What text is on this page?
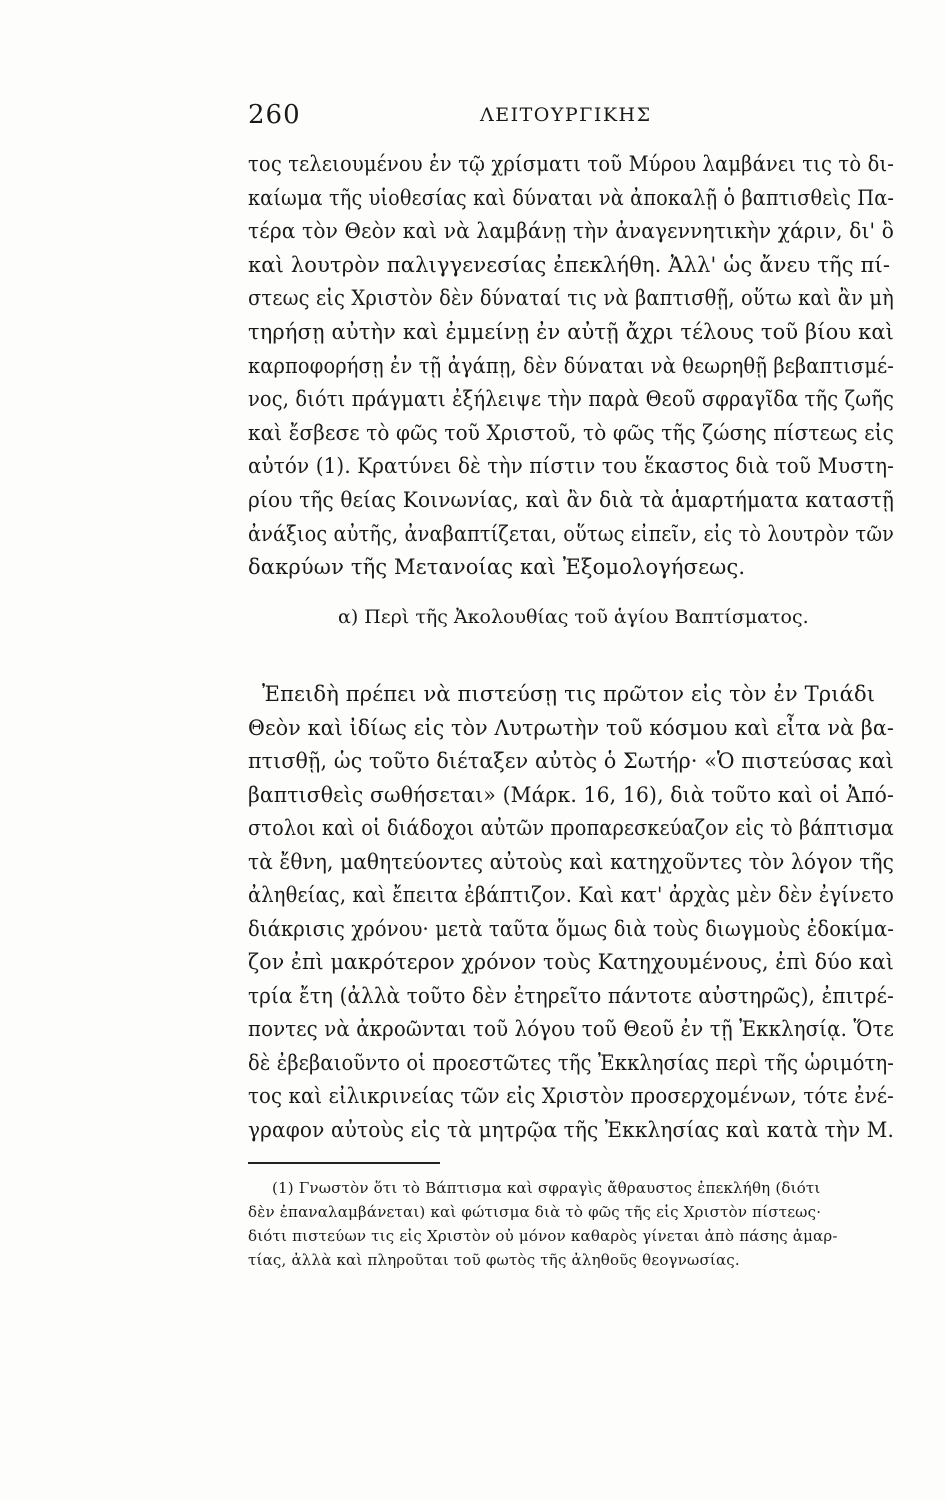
260	ΛΕΙΤΟΥΡΓΙΚΗΣ
τος τελειουμένου ἐν τῷ χρίσματι τοῦ Μύρου λαμβάνει τις τὸ δι-
καίωμα τῆς υἱοθεσίας καὶ δύναται νὰ ἀποκαλῇ ὁ βαπτισθεὶς Πα-
τέρα τὸν Θεὸν καὶ νὰ λαμβάνῃ τὴν ἀναγεννητικὴν χάριν, δι' ὃ
καὶ λουτρὸν παλιγγενεσίας ἐπεκλήθη. Ἀλλ' ὡς ἄνευ τῆς πί-
στεως εἰς Χριστὸν δὲν δύναταί τις νὰ βαπτισθῇ, οὕτω καὶ ἂν μὴ
τηρήσῃ αὐτὴν καὶ ἐμμείνῃ ἐν αὐτῇ ἄχρι τέλους τοῦ βίου καὶ
καρποφορήσῃ ἐν τῇ ἀγάπῃ, δὲν δύναται νὰ θεωρηθῇ βεβαπτισμέ-
νος, διότι πράγματι ἐξήλειψε τὴν παρὰ Θεοῦ σφραγῖδα τῆς ζωῆς
καὶ ἔσβεσε τὸ φῶς τοῦ Χριστοῦ, τὸ φῶς τῆς ζώσης πίστεως εἰς
αὐτόν (1). Κρατύνει δὲ τὴν πίστιν του ἕκαστος διὰ τοῦ Μυστη-
ρίου τῆς θείας Κοινωνίας, καὶ ἂν διὰ τὰ ἁμαρτήματα καταστῇ
ἀνάξιος αὐτῆς, ἀναβαπτίζεται, οὕτως εἰπεῖν, εἰς τὸ λουτρὸν τῶν
δακρύων τῆς Μετανοίας καὶ Ἐξομολογήσεως.
α) Περὶ τῆς Ἀκολουθίας τοῦ ἁγίου Βαπτίσματος.
Ἐπειδὴ πρέπει νὰ πιστεύσῃ τις πρῶτον εἰς τὸν ἐν Τριάδι
Θεὸν καὶ ἰδίως εἰς τὸν Λυτρωτὴν τοῦ κόσμου καὶ εἶτα νὰ βα-
πτισθῇ, ὡς τοῦτο διέταξεν αὐτὸς ὁ Σωτήρ· «Ὁ πιστεύσας καὶ
βαπτισθεὶς σωθήσεται» (Μάρκ. 16, 16), διὰ τοῦτο καὶ οἱ Ἀπό-
στολοι καὶ οἱ διάδοχοι αὐτῶν προπαρεσκεύαζον εἰς τὸ βάπτισμα
τὰ ἔθνη, μαθητεύοντες αὐτοὺς καὶ κατηχοῦντες τὸν λόγον τῆς
ἀληθείας, καὶ ἔπειτα ἐβάπτιζον. Καὶ κατ' ἀρχὰς μὲν δὲν ἐγίνετο
διάκρισις χρόνου· μετὰ ταῦτα ὅμως διὰ τοὺς διωγμοὺς ἐδοκίμα-
ζον ἐπὶ μακρότερον χρόνον τοὺς Κατηχουμένους, ἐπὶ δύο καὶ
τρία ἔτη (ἀλλὰ τοῦτο δὲν ἐτηρεῖτο πάντοτε αὐστηρῶς), ἐπιτρέ-
ποντες νὰ ἀκροῶνται τοῦ λόγου τοῦ Θεοῦ ἐν τῇ Ἐκκλησίᾳ. Ὅτε
δὲ ἐβεβαιοῦντο οἱ προεστῶτες τῆς Ἐκκλησίας περὶ τῆς ὡριμότη-
τος καὶ εἰλικρινείας τῶν εἰς Χριστὸν προσερχομένων, τότε ἐνέ-
γραφον αὐτοὺς εἰς τὰ μητρῷα τῆς Ἐκκλησίας καὶ κατὰ τὴν Μ.
(1) Γνωστὸν ὅτι τὸ Βάπτισμα καὶ σφραγὶς ἄθραυστος ἐπεκλήθη (διότι
δὲν ἐπαναλαμβάνεται) καὶ φώτισμα διὰ τὸ φῶς τῆς εἰς Χριστὸν πίστεως·
διότι πιστεύων τις εἰς Χριστὸν οὐ μόνον καθαρὸς γίνεται ἀπὸ πάσης ἁμαρ-
τίας, ἀλλὰ καὶ πληροῦται τοῦ φωτὸς τῆς ἀληθοῦς θεογνωσίας.
